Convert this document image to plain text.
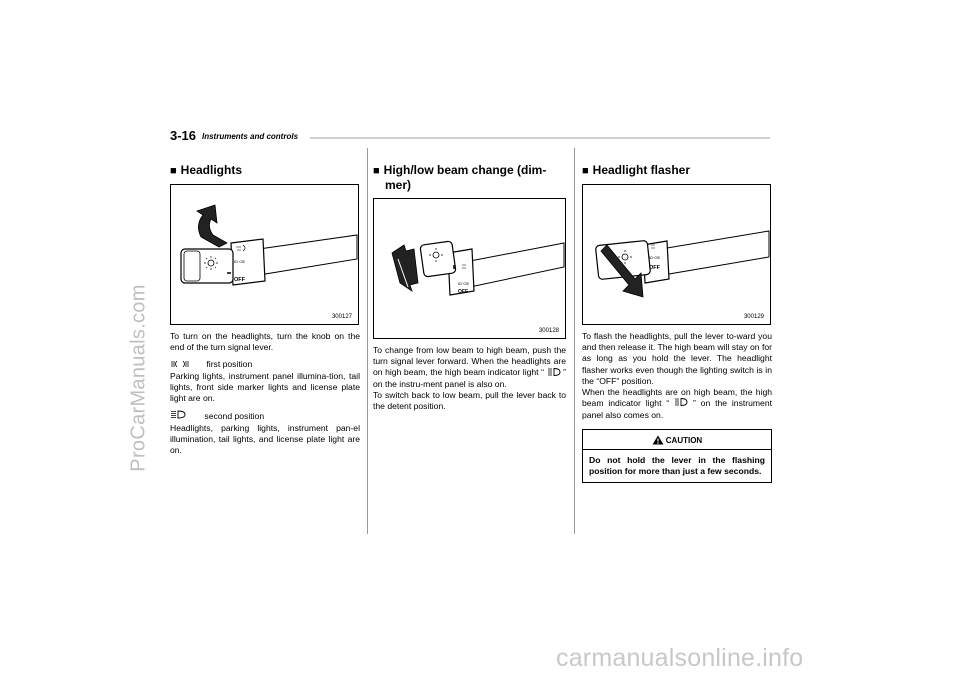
ProCarManuals.com
carmanualsonline.info
3-16 Instruments and controls
■ Headlights
OFF
ID·OE
300127

To turn on the headlights, turn the knob on the end of the turn signal lever.

first position

Parking lights, instrument panel illumina-tion, tail lights, front side marker lights and license plate light are on.

second position

Headlights, parking lights, instrument pan-el illumination, tail lights, and license plate light are on.

■ High/low beam change (dim-
mer)
ID·OE
OFF
300128

To change from low beam to high beam, push the turn signal lever forward. When the headlights are on high beam, the high beam indicator light “ ” on the instru-ment panel is also on.

To switch back to low beam, pull the lever back to the detent position.

■ Headlight flasher
ID·OE
OFF
300129

To flash the headlights, pull the lever to-ward you and then release it. The high beam will stay on for as long as you hold the lever. The headlight flasher works even though the lighting switch is in the “OFF” position.

When the headlights are on high beam, the high beam indicator light “	” on the instrument panel also comes on.

CAUTION
Do not hold the lever in the flashing position for more than just a few seconds.
